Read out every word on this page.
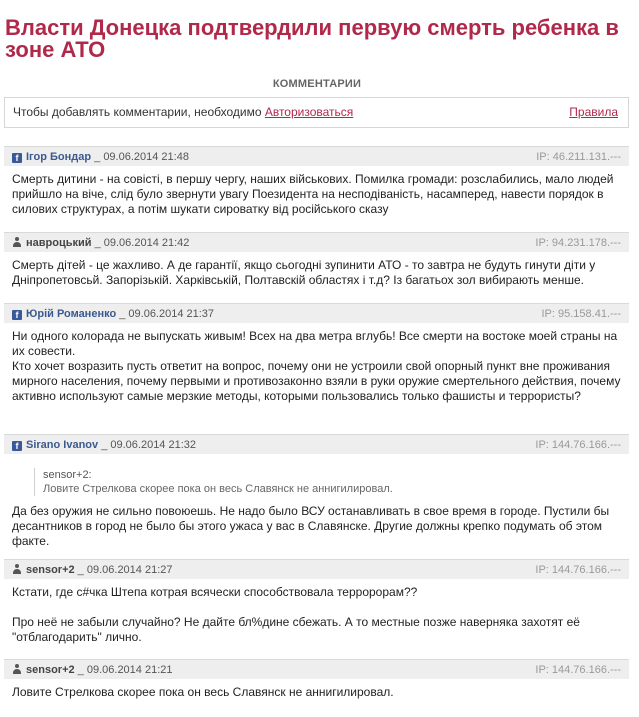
Власти Донецка подтвердили первую смерть ребенка в зоне АТО
КОММЕНТАРИИ
Чтобы добавлять комментарии, необходимо Авторизоваться	Правила
f Ігор Бондар _ 09.06.2014 21:48	IP: 46.211.131.---

Смерть дитини - на совісті, в першу чергу, наших військових. Помилка громади: розслабились, мало людей прийшло на віче, слід було звернути увагу Поезидента на несподіваність, насамперед, навести порядок в силових структурах, а потім шукати сироватку від російського сказу

навроцький _ 09.06.2014 21:42	IP: 94.231.178.---

Смерть дітей - це жахливо. А де гарантії, якщо сьогодні зупинити АТО - то завтра не будуть гинути діти у Дніпропетовсьй. Запорізькій. Харківській, Полтавскій областях і т.д? Із багатьох зол вибирають менше.

f Юрій Романенко _ 09.06.2014 21:37	IP: 95.158.41.---

Ни одного колорада не выпускать живым! Всех на два метра вглубь! Все смерти на востоке моей страны на их совести.

Кто хочет возразить пусть ответит на вопрос, почему они не устроили свой опорный пункт вне проживания мирного населения, почему первыми и противозаконно взяли в руки оружие смертельного действия, почему активно используют самые мерзкие методы, которыми пользовались только фашисты и террористы?

f Sirano Ivanov _ 09.06.2014 21:32	IP: 144.76.166.---
sensor+2:
Ловите Стрелкова скорее пока он весь Славянск не аннигилировал.

Да без оружия не сильно повоюешь. Не надо было ВСУ останавливать в свое время в городе. Пустили бы десантников в город не было бы этого ужаса у вас в Славянске. Другие должны крепко подумать об этом факте.

sensor+2 _ 09.06.2014 21:27	IP: 144.76.166.---

Кстати, где с#чка Штепа котрая всячески способствовала терророрам??

Про неё не забыли случайно? Не дайте бл%дине сбежать. А то местные позже наверняка захотят её "отблагодарить" лично.

sensor+2 _ 09.06.2014 21:21	IP: 144.76.166.---

Ловите Стрелкова скорее пока он весь Славянск не аннигилировал.
